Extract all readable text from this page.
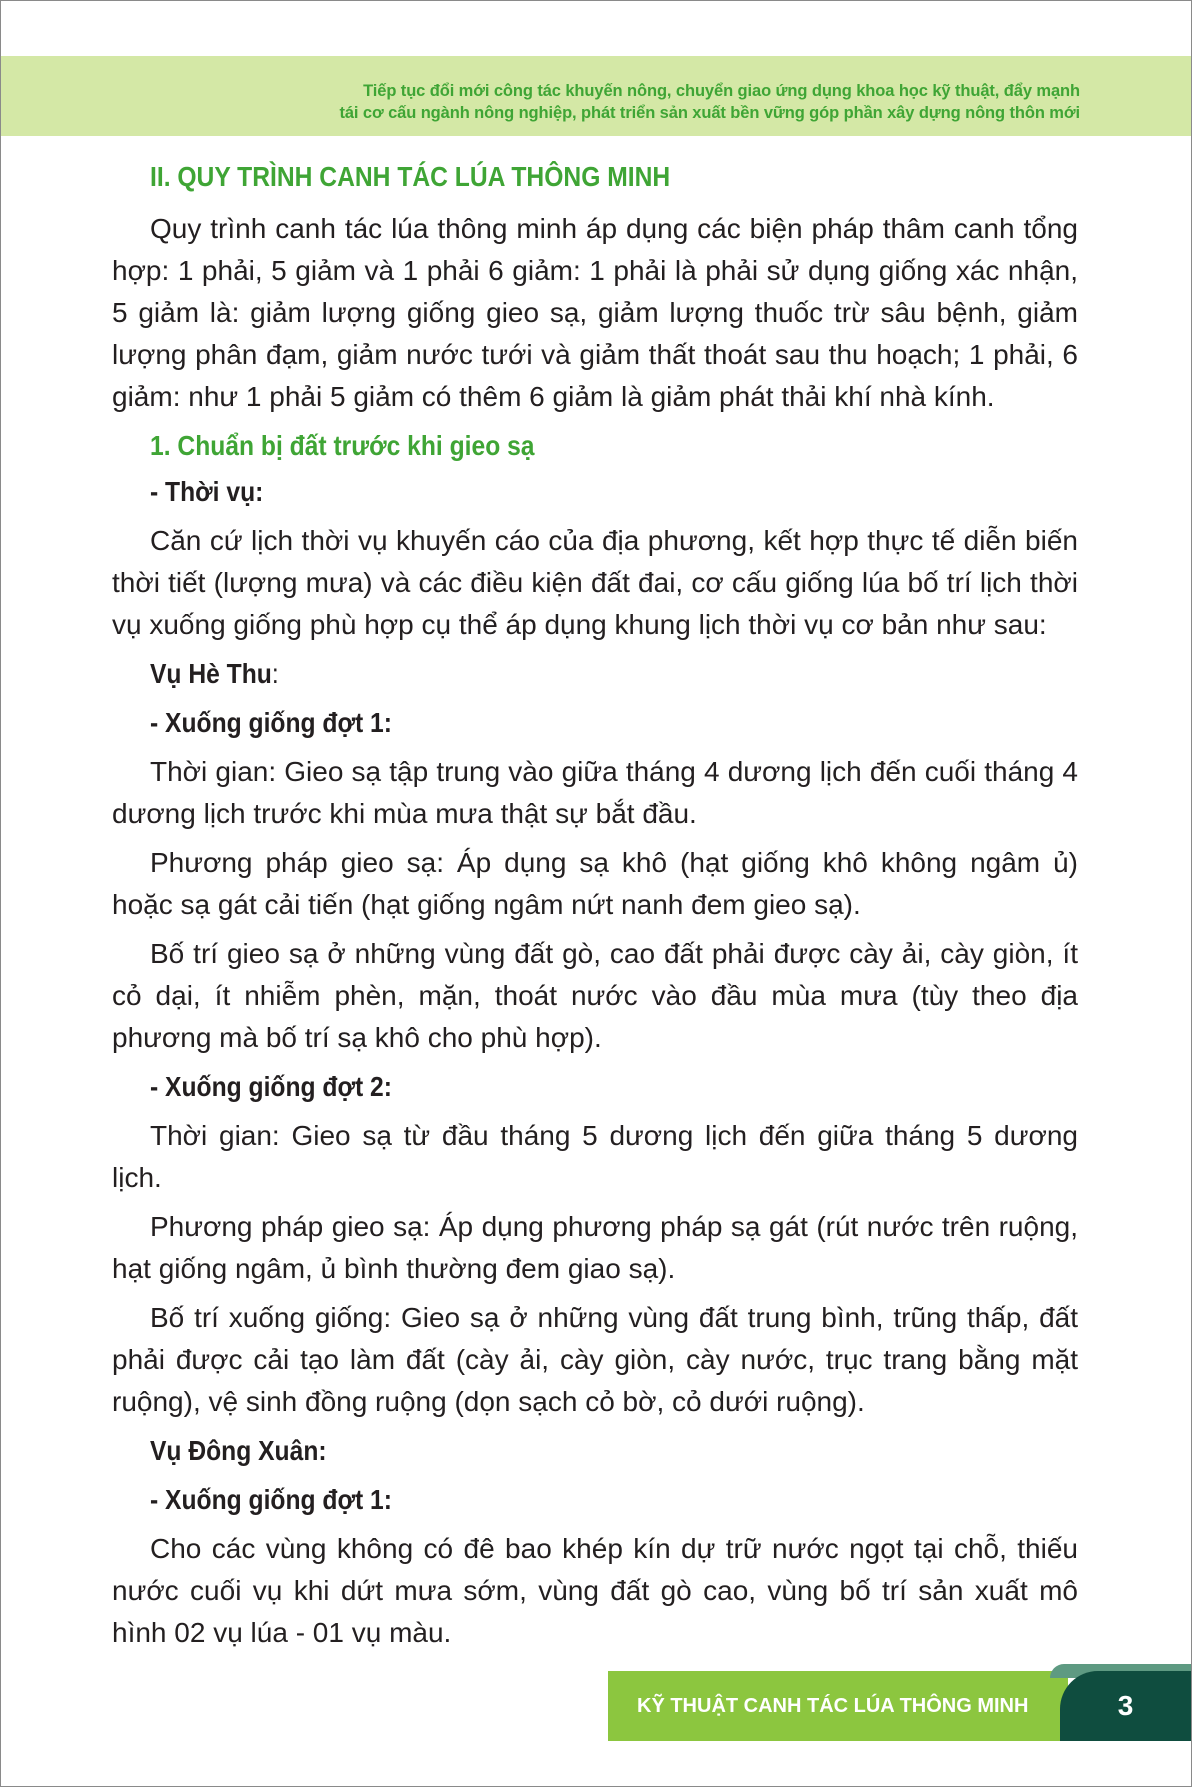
Tiếp tục đổi mới công tác khuyến nông, chuyển giao ứng dụng khoa học kỹ thuật, đẩy mạnh

tái cơ cấu ngành nông nghiệp, phát triển sản xuất bền vững góp phần xây dựng nông thôn mới

II. QUY TRÌNH CANH TÁC LÚA THÔNG MINH

Quy trình canh tác lúa thông minh áp dụng các biện pháp thâm canh tổng hợp: 1 phải, 5 giảm và 1 phải 6 giảm: 1 phải là phải sử dụng giống xác nhận, 5 giảm là: giảm lượng giống gieo sạ, giảm lượng thuốc trừ sâu bệnh, giảm lượng phân đạm, giảm nước tưới và giảm thất thoát sau thu hoạch; 1 phải, 6 giảm: như 1 phải 5 giảm có thêm 6 giảm là giảm phát thải khí nhà kính.

1. Chuẩn bị đất trước khi gieo sạ

- Thời vụ:

Căn cứ lịch thời vụ khuyến cáo của địa phương, kết hợp thực tế diễn biến thời tiết (lượng mưa) và các điều kiện đất đai, cơ cấu giống lúa bố trí lịch thời vụ xuống giống phù hợp cụ thể áp dụng khung lịch thời vụ cơ bản như sau:

Vụ Hè Thu:

- Xuống giống đợt 1:

Thời gian: Gieo sạ tập trung vào giữa tháng 4 dương lịch đến cuối tháng 4 dương lịch trước khi mùa mưa thật sự bắt đầu.

Phương pháp gieo sạ: Áp dụng sạ khô (hạt giống khô không ngâm ủ) hoặc sạ gát cải tiến (hạt giống ngâm nứt nanh đem gieo sạ).

Bố trí gieo sạ ở những vùng đất gò, cao đất phải được cày ải, cày giòn, ít cỏ dại, ít nhiễm phèn, mặn, thoát nước vào đầu mùa mưa (tùy theo địa phương mà bố trí sạ khô cho phù hợp).

- Xuống giống đợt 2:

Thời gian: Gieo sạ từ đầu tháng 5 dương lịch đến giữa tháng 5 dương lịch.

Phương pháp gieo sạ: Áp dụng phương pháp sạ gát (rút nước trên ruộng, hạt giống ngâm, ủ bình thường đem giao sạ).

Bố trí xuống giống: Gieo sạ ở những vùng đất trung bình, trũng thấp, đất phải được cải tạo làm đất (cày ải, cày giòn, cày nước, trục trang bằng mặt ruộng), vệ sinh đồng ruộng (dọn sạch cỏ bờ, cỏ dưới ruộng).

Vụ Đông Xuân:

- Xuống giống đợt 1:

Cho các vùng không có đê bao khép kín dự trữ nước ngọt tại chỗ, thiếu nước cuối vụ khi dứt mưa sớm, vùng đất gò cao, vùng bố trí sản xuất mô hình 02 vụ lúa - 01 vụ màu.

KỸ THUẬT CANH TÁC LÚA THÔNG MINH	3
